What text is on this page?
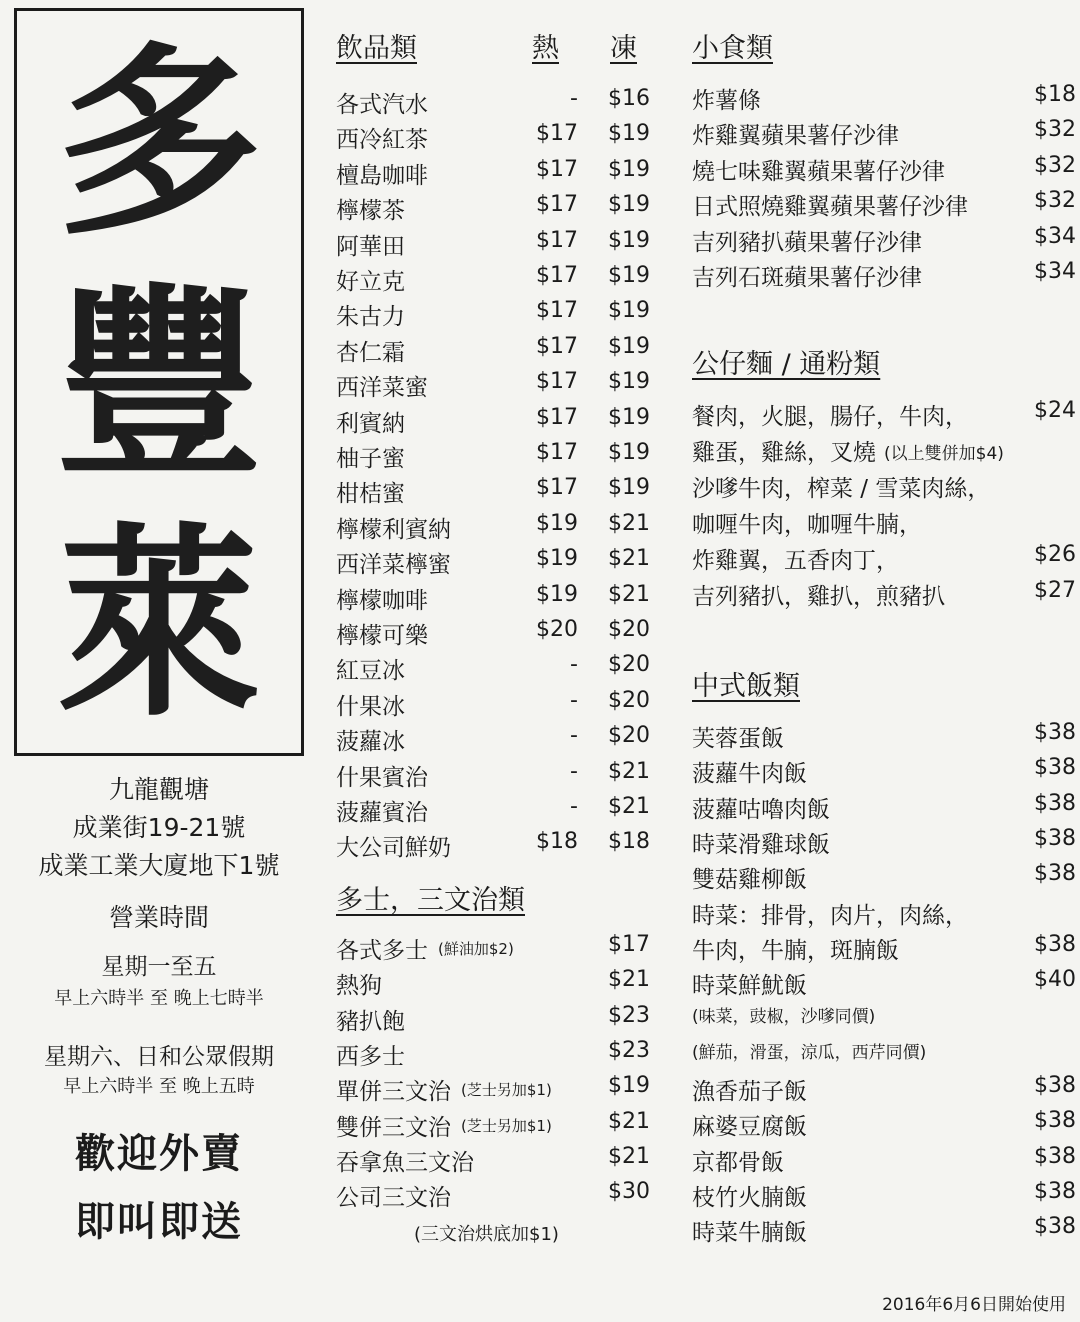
多
豐
萊
九龍觀塘
成業街19-21號
成業工業大廈地下1號
營業時間
星期一至五
早上六時半 至 晚上七時半
星期六、日和公眾假期
早上六時半 至 晚上五時
歡迎外賣
即叫即送
飲品類	熱 凍
各式汽水	-	$16
西冷紅茶	$17	$19
檀島咖啡	$17	$19
檸檬茶	$17	$19
阿華田	$17	$19
好立克	$17	$19
朱古力	$17	$19
杏仁霜	$17	$19
西洋菜蜜	$17	$19
利賓納	$17	$19
柚子蜜	$17	$19
柑桔蜜	$17	$19
檸檬利賓納	$19	$21
西洋菜檸蜜	$19	$21
檸檬咖啡	$19	$21
檸檬可樂	$20	$20
紅豆冰	-	$20
什果冰	-	$20
菠蘿冰	-	$20
什果賓治	-	$21
菠蘿賓治	-	$21
大公司鮮奶	$18	$18
多士，三文治類
各式多士 (鮮油加$2)	$17
熱狗	$21
豬扒飽	$23
西多士	$23
單併三文治 (芝士另加$1)	$19
雙併三文治 (芝士另加$1)	$21
吞拿魚三文治	$21
公司三文治	$30
(三文治烘底加$1)
小食類
炸薯條	$18
炸雞翼蘋果薯仔沙律	$32
燒七味雞翼蘋果薯仔沙律	$32
日式照燒雞翼蘋果薯仔沙律	$32
吉列豬扒蘋果薯仔沙律	$34
吉列石斑蘋果薯仔沙律	$34
公仔麵 / 通粉類
餐肉，火腿，腸仔，牛肉，	$24
雞蛋，雞絲，叉燒 (以上雙併加$4)
沙嗲牛肉，榨菜 / 雪菜肉絲，
咖喱牛肉，咖喱牛腩，
炸雞翼，五香肉丁，	$26
吉列豬扒，雞扒，煎豬扒	$27
中式飯類
芙蓉蛋飯	$38
菠蘿牛肉飯	$38
菠蘿咕嚕肉飯	$38
時菜滑雞球飯	$38
雙菇雞柳飯	$38
時菜：排骨，肉片，肉絲，
牛肉，牛腩，斑腩飯	$38
時菜鮮魷飯	$40
(味菜，豉椒，沙嗲同價)
(鮮茄，滑蛋，涼瓜，西芹同價)
漁香茄子飯	$38
麻婆豆腐飯	$38
京都骨飯	$38
枝竹火腩飯	$38
時菜牛腩飯	$38
2016年6月6日開始使用
